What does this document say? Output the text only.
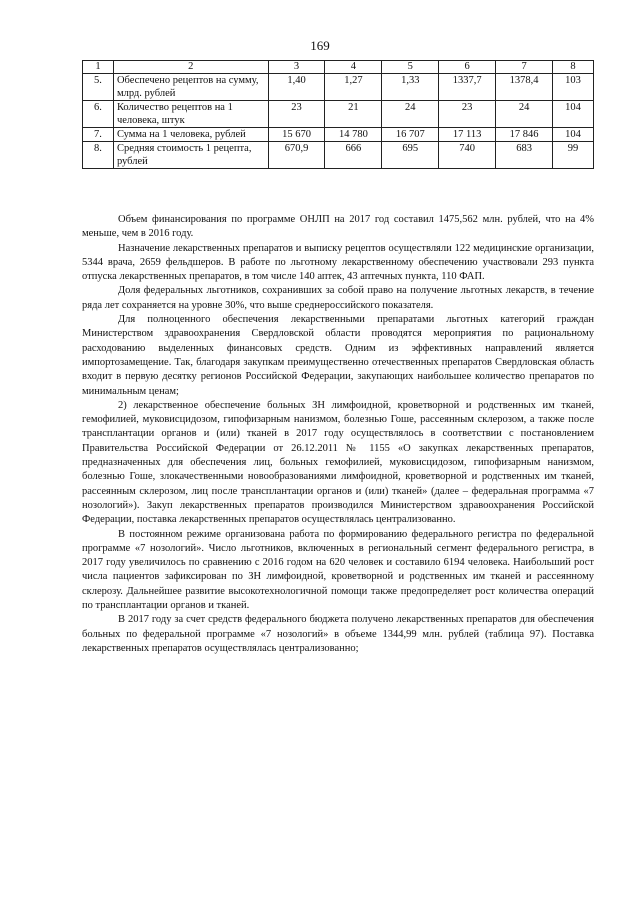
169
1	2	3	4	5	6	7	8
5.	Обеспечено рецептов на сумму, млрд. рублей	1,40	1,27	1,33	1337,7	1378,4	103
6.	Количество рецептов на 1 человека, штук	23	21	24	23	24	104
7.	Сумма на 1 человека, рублей	15 670	14 780	16 707	17 113	17 846	104
8.	Средняя стоимость 1 рецепта, рублей	670,9	666	695	740	683	99

Объем финансирования по программе ОНЛП на 2017 год составил 1475,562 млн. рублей, что на 4% меньше, чем в 2016 году.

Назначение лекарственных препаратов и выписку рецептов осуществляли 122 медицинские организации, 5344 врача, 2659 фельдшеров. В работе по льготному лекарственному обеспечению участвовали 293 пункта отпуска лекарственных препаратов, в том числе 140 аптек, 43 аптечных пункта, 110 ФАП.

Доля федеральных льготников, сохранивших за собой право на получение льготных лекарств, в течение ряда лет сохраняется на уровне 30%, что выше среднероссийского показателя.

Для полноценного обеспечения лекарственными препаратами льготных категорий граждан Министерством здравоохранения Свердловской области проводятся мероприятия по рациональному расходованию выделенных финансовых средств. Одним из эффективных направлений является импортозамещение. Так, благодаря закупкам преимущественно отечественных препаратов Свердловская область входит в первую десятку регионов Российской Федерации, закупающих наибольшее количество препаратов по минимальным ценам;

2) лекарственное обеспечение больных ЗН лимфоидной, кроветворной и родственных им тканей, гемофилией, муковисцидозом, гипофизарным нанизмом, болезнью Гоше, рассеянным склерозом, а также после трансплантации органов и (или) тканей в 2017 году осуществлялось в соответствии с постановлением Правительства Российской Федерации от 26.12.2011 № 1155 «О закупках лекарственных препаратов, предназначенных для обеспечения лиц, больных гемофилией, муковисцидозом, гипофизарным нанизмом, болезнью Гоше, злокачественными новообразованиями лимфоидной, кроветворной и родственных им тканей, рассеянным склерозом, лиц после трансплантации органов и (или) тканей» (далее – федеральная программа «7 нозологий»). Закуп лекарственных препаратов производился Министерством здравоохранения Российской Федерации, поставка лекарственных препаратов осуществлялась централизованно.

В постоянном режиме организована работа по формированию федерального регистра по федеральной программе «7 нозологий». Число льготников, включенных в региональный сегмент федерального регистра, в 2017 году увеличилось по сравнению с 2016 годом на 620 человек и составило 6194 человека. Наибольший рост числа пациентов зафиксирован по ЗН лимфоидной, кроветворной и родственных им тканей и рассеянному склерозу. Дальнейшее развитие высокотехнологичной помощи также предопределяет рост количества операций по трансплантации органов и тканей.

В 2017 году за счет средств федерального бюджета получено лекарственных препаратов для обеспечения больных по федеральной программе «7 нозологий» в объеме 1344,99 млн. рублей (таблица 97). Поставка лекарственных препаратов осуществлялась централизованно;
